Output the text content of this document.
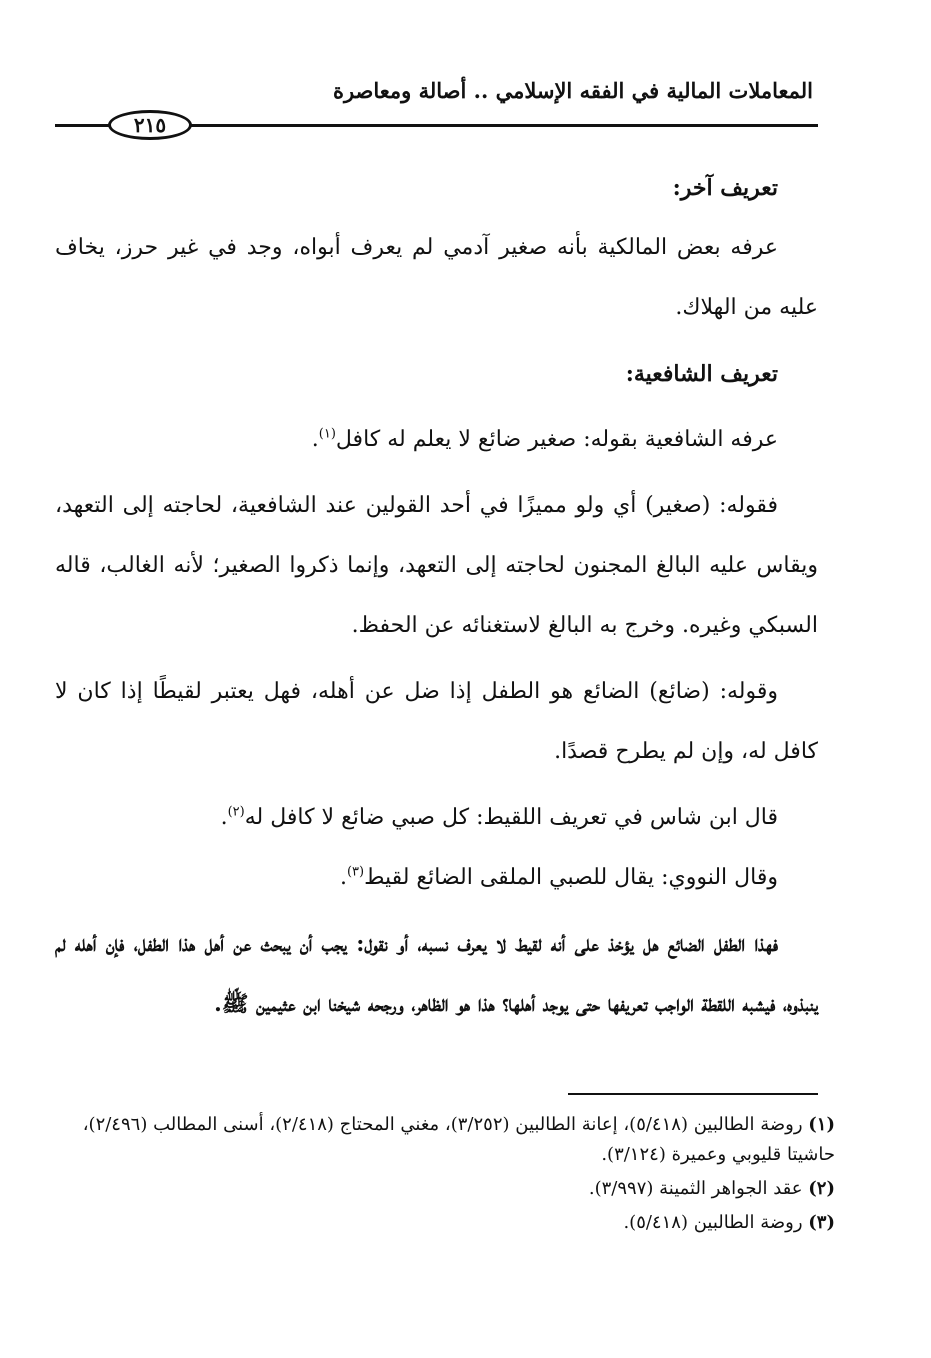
المعاملات المالية في الفقه الإسلامي .. أصالة ومعاصرة
٢١٥

تعريف آخر:

عرفه بعض المالكية بأنه صغير آدمي لم يعرف أبواه، وجد في غير حرز، يخاف عليه من الهلاك.

تعريف الشافعية:

عرفه الشافعية بقوله: صغير ضائع لا يعلم له كافل$^{(١)}$.

فقوله: (صغير) أي ولو مميزًا في أحد القولين عند الشافعية، لحاجته إلى التعهد، ويقاس عليه البالغ المجنون لحاجته إلى التعهد، وإنما ذكروا الصغير؛ لأنه الغالب، قاله السبكي وغيره. وخرج به البالغ لاستغنائه عن الحفظ.

وقوله: (ضائع) الضائع هو الطفل إذا ضل عن أهله، فهل يعتبر لقيطًا إذا كان لا كافل له، وإن لم يطرح قصدًا.

قال ابن شاس في تعريف اللقيط: كل صبي ضائع لا كافل له$^{(٢)}$.

وقال النووي: يقال للصبي الملقى الضائع لقيط$^{(٣)}$.

فهذا الطفل الضائع هل يؤخذ على أنه لقيط لا يعرف نسبه، أو نقول: يجب أن يبحث عن أهل هذا الطفل، فإن أهله لم ينبذوه، فيشبه اللقطة الواجب تعريفها حتى يوجد أهلها؟ هذا هو الظاهر، ورجحه شيخنا ابن عثيمين ﷺ.

(١) روضة الطالبين (٥/٤١٨)، إعانة الطالبين (٣/٢٥٢)، مغني المحتاج (٢/٤١٨)، أسنى المطالب (٢/٤٩٦)، حاشيتا قليوبي وعميرة (٣/١٢٤).

(٢) عقد الجواهر الثمينة (٣/٩٩٧).

(٣) روضة الطالبين (٥/٤١٨).
